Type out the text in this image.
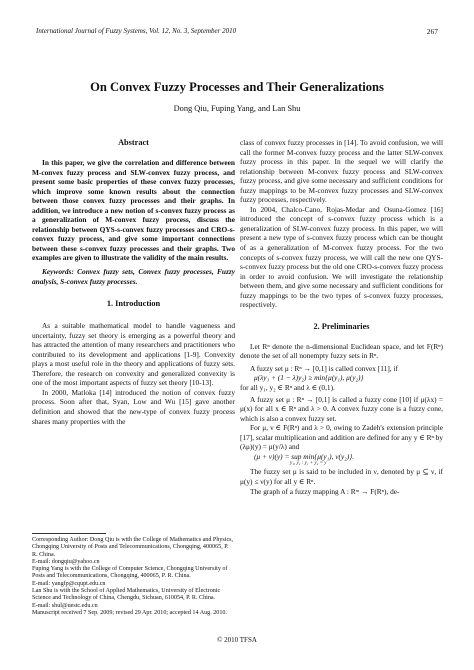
International Journal of Fuzzy Systems, Vol. 12, No. 3, September 2010	267
On Convex Fuzzy Processes and Their Generalizations
Dong Qiu, Fuping Yang, and Lan Shu
Abstract

In this paper, we give the correlation and difference between M-convex fuzzy process and SLW-convex fuzzy process, and present some basic properties of these convex fuzzy processes, which improve some known results about the connection between those convex fuzzy processes and their graphs. In addition, we introduce a new notion of s-convex fuzzy process as a generalization of M-convex fuzzy process, discuss the relationship between QYS-s-convex fuzzy processes and CRO-s-convex fuzzy process, and give some important connections between these s-convex fuzzy processes and their graphs. Two examples are given to illustrate the validity of the main results.

Keywords: Convex fuzzy sets, Convex fuzzy processes, Fuzzy analysis, S-convex fuzzy processes.

1. Introduction

As a suitable mathematical model to handle vagueness and uncertainty, fuzzy set theory is emerging as a powerful theory and has attracted the attention of many researchers and practitioners who contributed to its development and applications [1-9]. Convexity plays a most useful role in the theory and applications of fuzzy sets. Therefore, the research on convexity and generalized convexity is one of the most important aspects of fuzzy set theory [10-13].

In 2000, Matloka [14] introduced the notion of convex fuzzy process. Soon after that, Syan, Low and Wu [15] gave another definition and showed that the new-type of convex fuzzy process shares many properties with the

Corresponding Author: Dong Qiu is with the College of Mathematics and Physics, Chongqing University of Posts and Telecommunications, Chongqing, 400065, P. R. China.

E-mail: dongqiu@yahoo.cn

Fuping Yang is with the College of Computer Science, Chongqing University of Posts and Telecommunications, Chongqing, 400065, P. R. China.

E-mail: yangfp@cqupt.edu.cn

Lan Shu is with the School of Applied Mathematics, University of Electronic Science and Technology of China, Chengdu, Sichuan, 610054, P. R. China.

E-mail: shul@uestc.edu.cn

Manuscript received 7 Sep. 2009; revised 29 Apr. 2010; accepted 14 Aug. 2010.

class of convex fuzzy processes in [14]. To avoid confusion, we will call the former M-convex fuzzy process and the latter SLW-convex fuzzy process in this paper. In the sequel we will clarify the relationship between M-convex fuzzy process and SLW-convex fuzzy process, and give some necessary and sufficient conditions for fuzzy mappings to be M-convex fuzzy processes and SLW-convex fuzzy processes, respectively.

In 2004, Chalco-Cano, Rojas-Medar and Osuna-Gomez [16] introduced the concept of s-convex fuzzy process which is a generalization of SLW-convex fuzzy process. In this paper, we will present a new type of s-convex fuzzy process which can be thought of as a generalization of M-convex fuzzy process. For the two concepts of s-convex fuzzy process, we will call the new one QYS-s-convex fuzzy process but the old one CRO-s-convex fuzzy process in order to avoid confusion. We will investigate the relationship between them, and give some necessary and sufficient conditions for fuzzy mappings to be the two types of s-convex fuzzy processes, respectively.

2. Preliminaries

Let Rⁿ denote the n-dimensional Euclidean space, and let F(Rⁿ) denote the set of all nonempty fuzzy sets in Rⁿ.

A fuzzy set μ : Rⁿ → [0,1] is called convex [11], if

μ(λy₁ + (1 − λ)y₂) ≥ min{μ(y₁), μ(y₂)}

for all y₁, y₂ ∈ Rⁿ and λ ∈ (0,1).

A fuzzy set μ : Rⁿ → [0,1] is called a fuzzy cone [10] if μ(λx) = μ(x) for all x ∈ Rⁿ and λ > 0. A convex fuzzy cone is a fuzzy cone, which is also a convex fuzzy set.

For μ, ν ∈ F(Rⁿ) and λ > 0, owing to Zadeh's extension principle [17], scalar multiplication and addition are defined for any y ∈ Rⁿ by (λμ)(y) = μ(y/λ) and

(μ + ν)(y) = sup min{μ(y₁), ν(y₂)}.

y₁, y₂ : y₁ + y₂ = y

The fuzzy set μ is said to be included in ν, denoted by μ ⊆ ν, if μ(y) ≤ ν(y) for all y ∈ Rⁿ.

The graph of a fuzzy mapping A : Rᵐ → F(Rⁿ), de-

© 2010 TFSA
